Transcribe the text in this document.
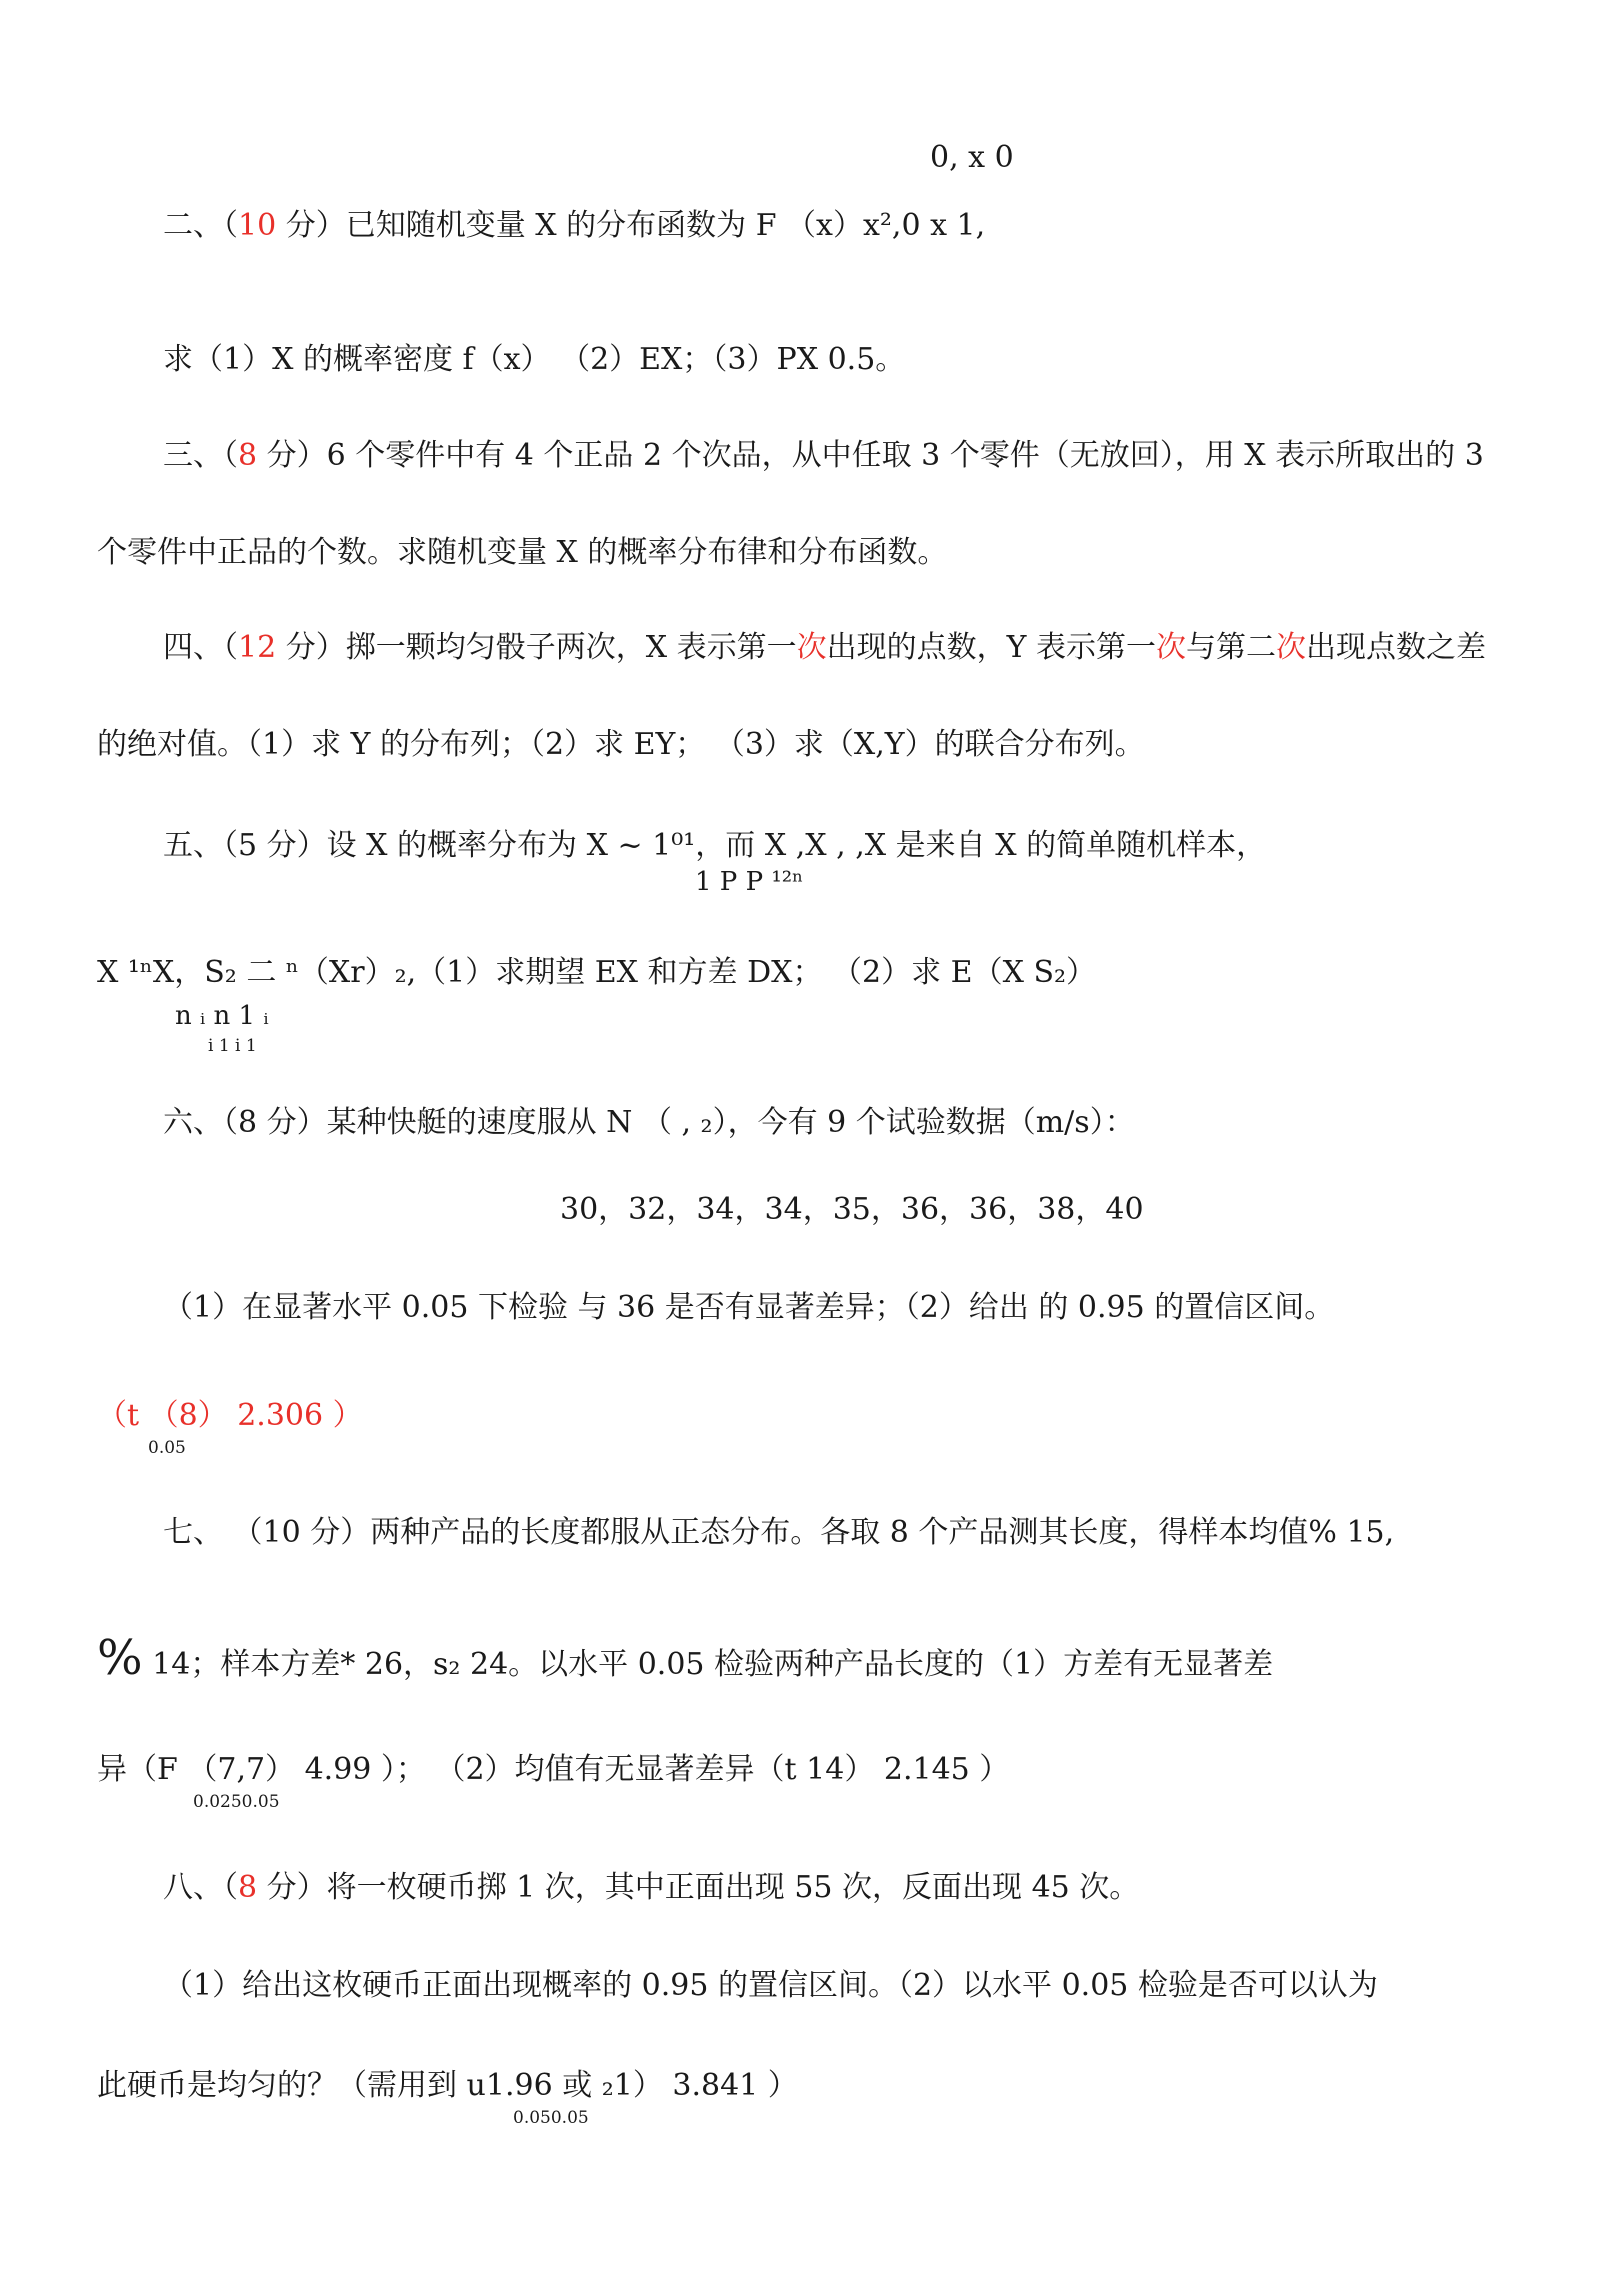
0, x 0
二、（10 分）已知随机变量 X 的分布函数为 F （x）x²,0 x 1,
求（1）X 的概率密度 f（x） （2）EX；（3）PX 0.5。
三、（8 分）6 个零件中有 4 个正品 2 个次品，从中任取 3 个零件（无放回），用 X 表示所取出的 3
个零件中正品的个数。求随机变量 X 的概率分布律和分布函数。
四、（12 分）掷一颗均匀骰子两次，X 表示第一次出现的点数，Y 表示第一次与第二次出现点数之差
的绝对值。（1）求 Y 的分布列；（2）求 EY； （3）求（X,Y）的联合分布列。
五、（5 分）设 X 的概率分布为 X ~ 1⁰¹，而 X ,X , ,X 是来自 X 的简单随机样本，
1 P P ¹²ⁿ
X ¹ⁿX，S₂ 二 ⁿ（Xr）₂,（1）求期望 EX 和方差 DX； （2）求 E（X S₂）
n ᵢ n 1 ᵢ
i 1 i 1
六、（8 分）某种快艇的速度服从 N （ , ₂），今有 9 个试验数据（m/s）：
30，32，34，34，35，36，36，38，40
（1）在显著水平 0.05 下检验 与 36 是否有显著差异；（2）给出 的 0.95 的置信区间。
（t （8） 2.306 ）
0.05
七、 （10 分）两种产品的长度都服从正态分布。各取 8 个产品测其长度，得样本均值% 15,
% 14；样本方差* 26，s₂ 24。以水平 0.05 检验两种产品长度的（1）方差有无显著差
异（F （7,7） 4.99 ）； （2）均值有无显著差异（t 14） 2.145 ）
0.0250.05
八、（8 分）将一枚硬币掷 1 次，其中正面出现 55 次，反面出现 45 次。
（1）给出这枚硬币正面出现概率的 0.95 的置信区间。（2）以水平 0.05 检验是否可以认为
此硬币是均匀的？（需用到 u1.96 或 ₂1） 3.841 ）
0.050.05
